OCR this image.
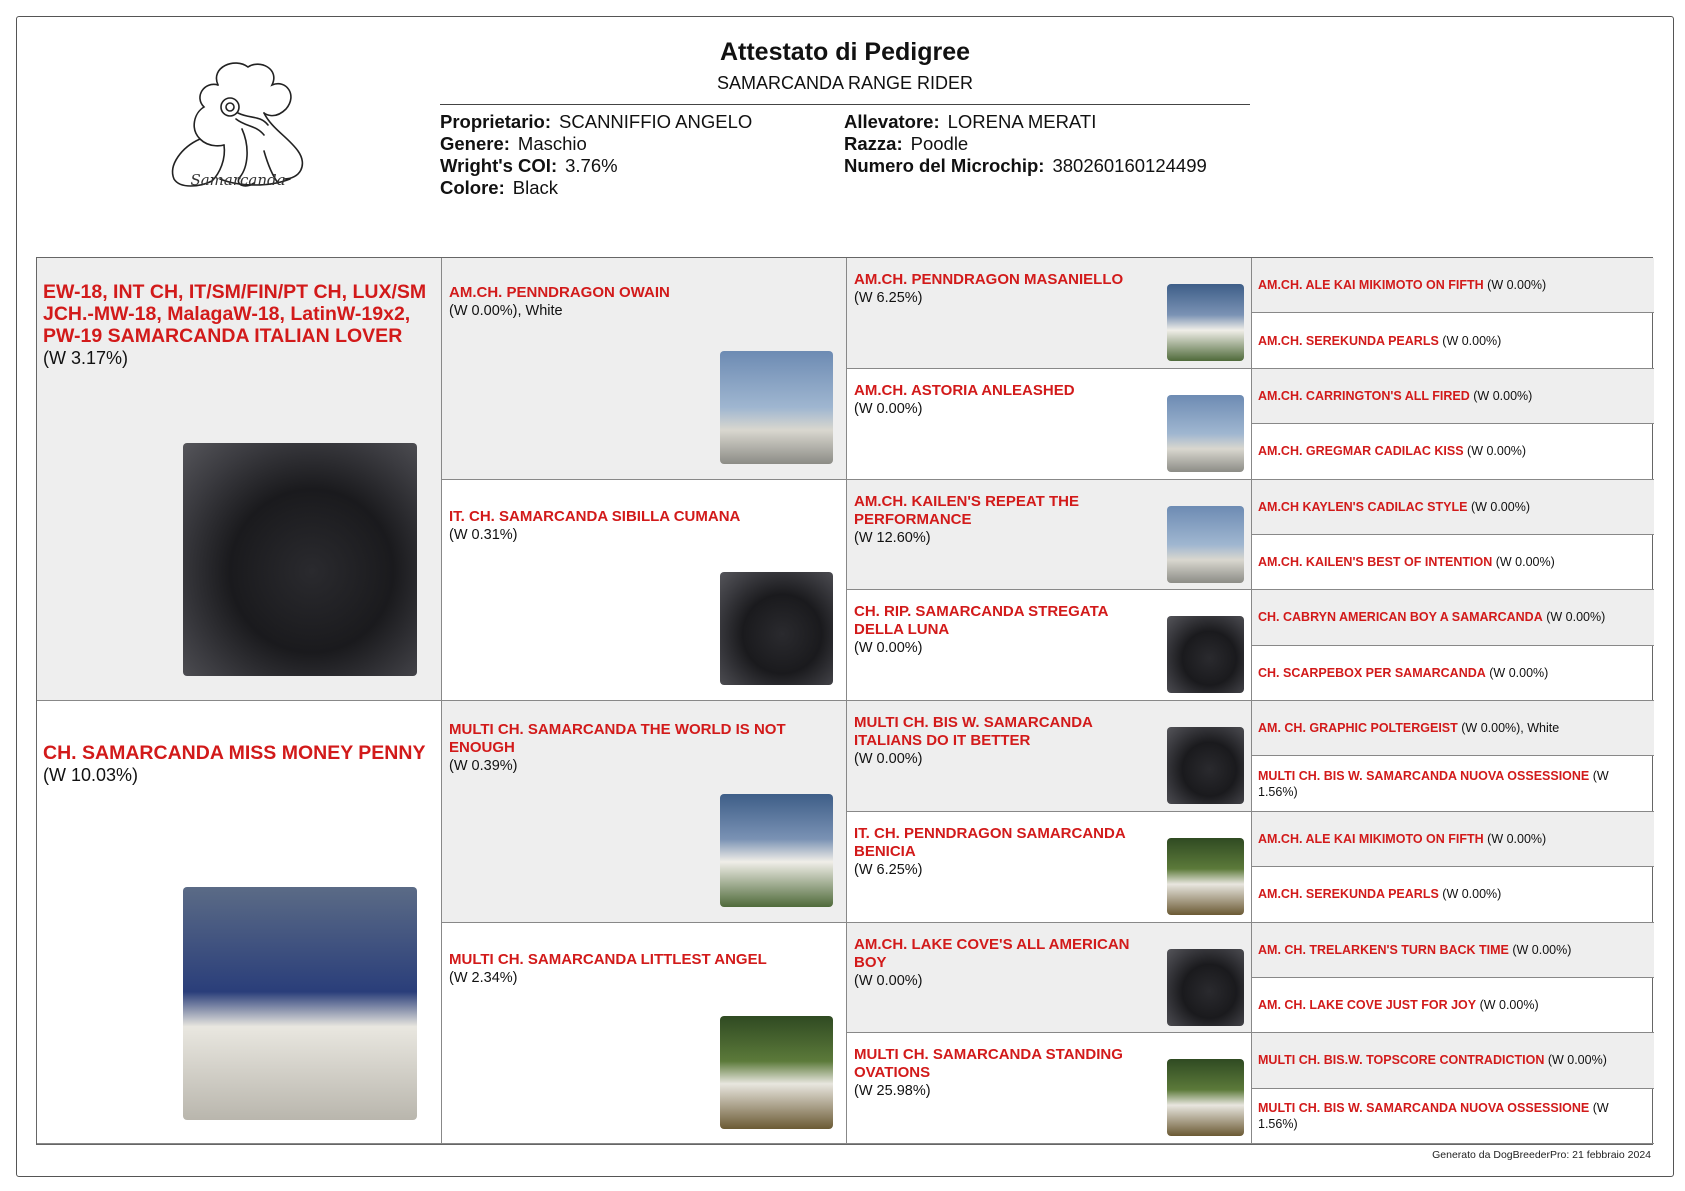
Samarcanda
Attestato di Pedigree
SAMARCANDA RANGE RIDER
Proprietario: SCANNIFFIO ANGELO
Genere: Maschio
Wright's COI: 3.76%
Colore: Black
Allevatore: LORENA MERATI
Razza: Poodle
Numero del Microchip: 380260160124499
EW-18, INT CH, IT/SM/FIN/PT CH, LUX/SM JCH.-MW-18, MalagaW-18, LatinW-19x2, PW-19 SAMARCANDA ITALIAN LOVER
(W 3.17%)
CH. SAMARCANDA MISS MONEY PENNY
(W 10.03%)
AM.CH. PENNDRAGON OWAIN
(W 0.00%), White
IT. CH. SAMARCANDA SIBILLA CUMANA
(W 0.31%)
MULTI CH. SAMARCANDA THE WORLD IS NOT ENOUGH
(W 0.39%)
MULTI CH. SAMARCANDA LITTLEST ANGEL
(W 2.34%)
AM.CH. PENNDRAGON MASANIELLO
(W 6.25%)
AM.CH. ASTORIA ANLEASHED
(W 0.00%)
AM.CH. KAILEN'S REPEAT THE PERFORMANCE
(W 12.60%)
CH. RIP. SAMARCANDA STREGATA DELLA LUNA
(W 0.00%)
MULTI CH. BIS W. SAMARCANDA ITALIANS DO IT BETTER
(W 0.00%)
IT. CH. PENNDRAGON SAMARCANDA BENICIA
(W 6.25%)
AM.CH. LAKE COVE'S ALL AMERICAN BOY
(W 0.00%)
MULTI CH. SAMARCANDA STANDING OVATIONS
(W 25.98%)
AM.CH. ALE KAI MIKIMOTO ON FIFTH (W 0.00%)
AM.CH. SEREKUNDA PEARLS (W 0.00%)
AM.CH. CARRINGTON'S ALL FIRED (W 0.00%)
AM.CH. GREGMAR CADILAC KISS (W 0.00%)
AM.CH KAYLEN'S CADILAC STYLE (W 0.00%)
AM.CH. KAILEN'S BEST OF INTENTION (W 0.00%)
CH. CABRYN AMERICAN BOY A SAMARCANDA (W 0.00%)
CH. SCARPEBOX PER SAMARCANDA (W 0.00%)
AM. CH. GRAPHIC POLTERGEIST (W 0.00%), White
MULTI CH. BIS W. SAMARCANDA NUOVA OSSESSIONE (W 1.56%)
AM.CH. ALE KAI MIKIMOTO ON FIFTH (W 0.00%)
AM.CH. SEREKUNDA PEARLS (W 0.00%)
AM. CH. TRELARKEN'S TURN BACK TIME (W 0.00%)
AM. CH. LAKE COVE JUST FOR JOY (W 0.00%)
MULTI CH. BIS.W. TOPSCORE CONTRADICTION (W 0.00%)
MULTI CH. BIS W. SAMARCANDA NUOVA OSSESSIONE (W 1.56%)
Generato da DogBreederPro: 21 febbraio 2024
